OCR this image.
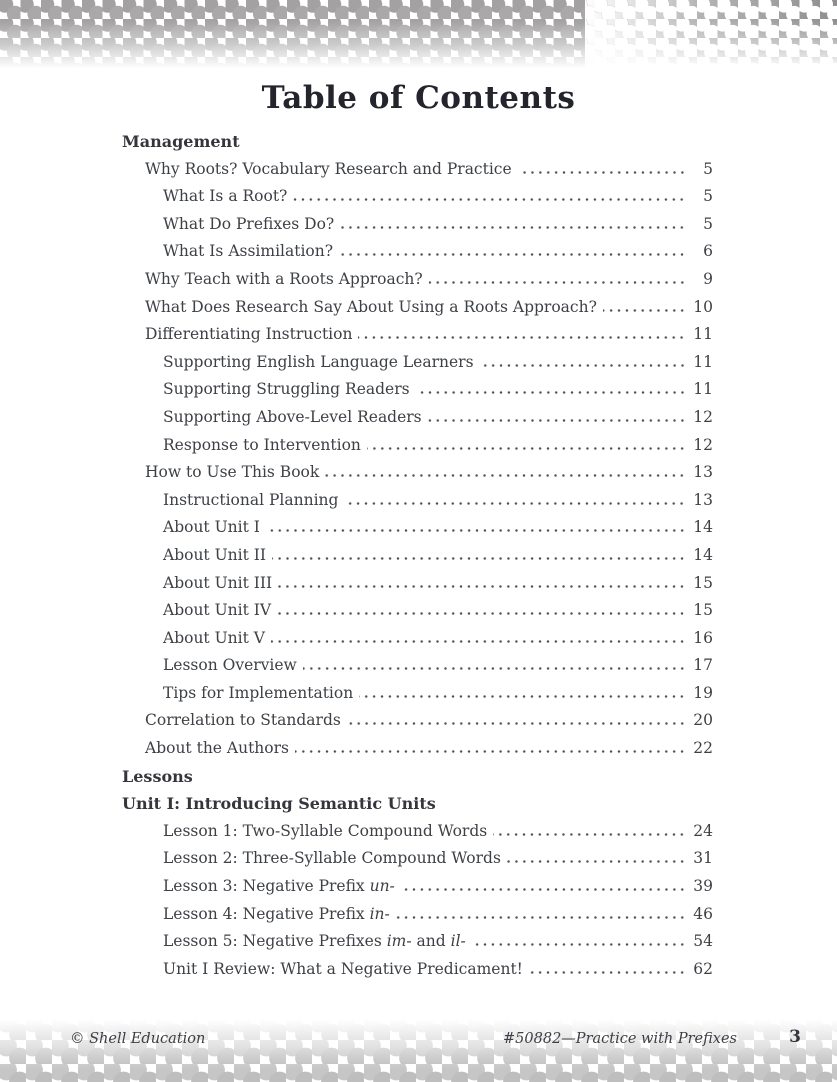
Table of Contents
Management
Why Roots? Vocabulary Research and Practice	5
What Is a Root?	5
What Do Prefixes Do?	5
What Is Assimilation?	6
Why Teach with a Roots Approach?	9
What Does Research Say About Using a Roots Approach?	10
Differentiating Instruction	11
Supporting English Language Learners	11
Supporting Struggling Readers	11
Supporting Above-Level Readers	12
Response to Intervention	12
How to Use This Book	13
Instructional Planning	13
About Unit I	14
About Unit II	14
About Unit III	15
About Unit IV	15
About Unit V	16
Lesson Overview	17
Tips for Implementation	19
Correlation to Standards	20
About the Authors	22
Lessons
Unit I: Introducing Semantic Units
Lesson 1: Two-Syllable Compound Words	24
Lesson 2: Three-Syllable Compound Words	31
Lesson 3: Negative Prefix un-	39
Lesson 4: Negative Prefix in-	46
Lesson 5: Negative Prefixes im- and il-	54
Unit I Review: What a Negative Predicament!	62
© Shell Education	#50882—Practice with Prefixes	3
